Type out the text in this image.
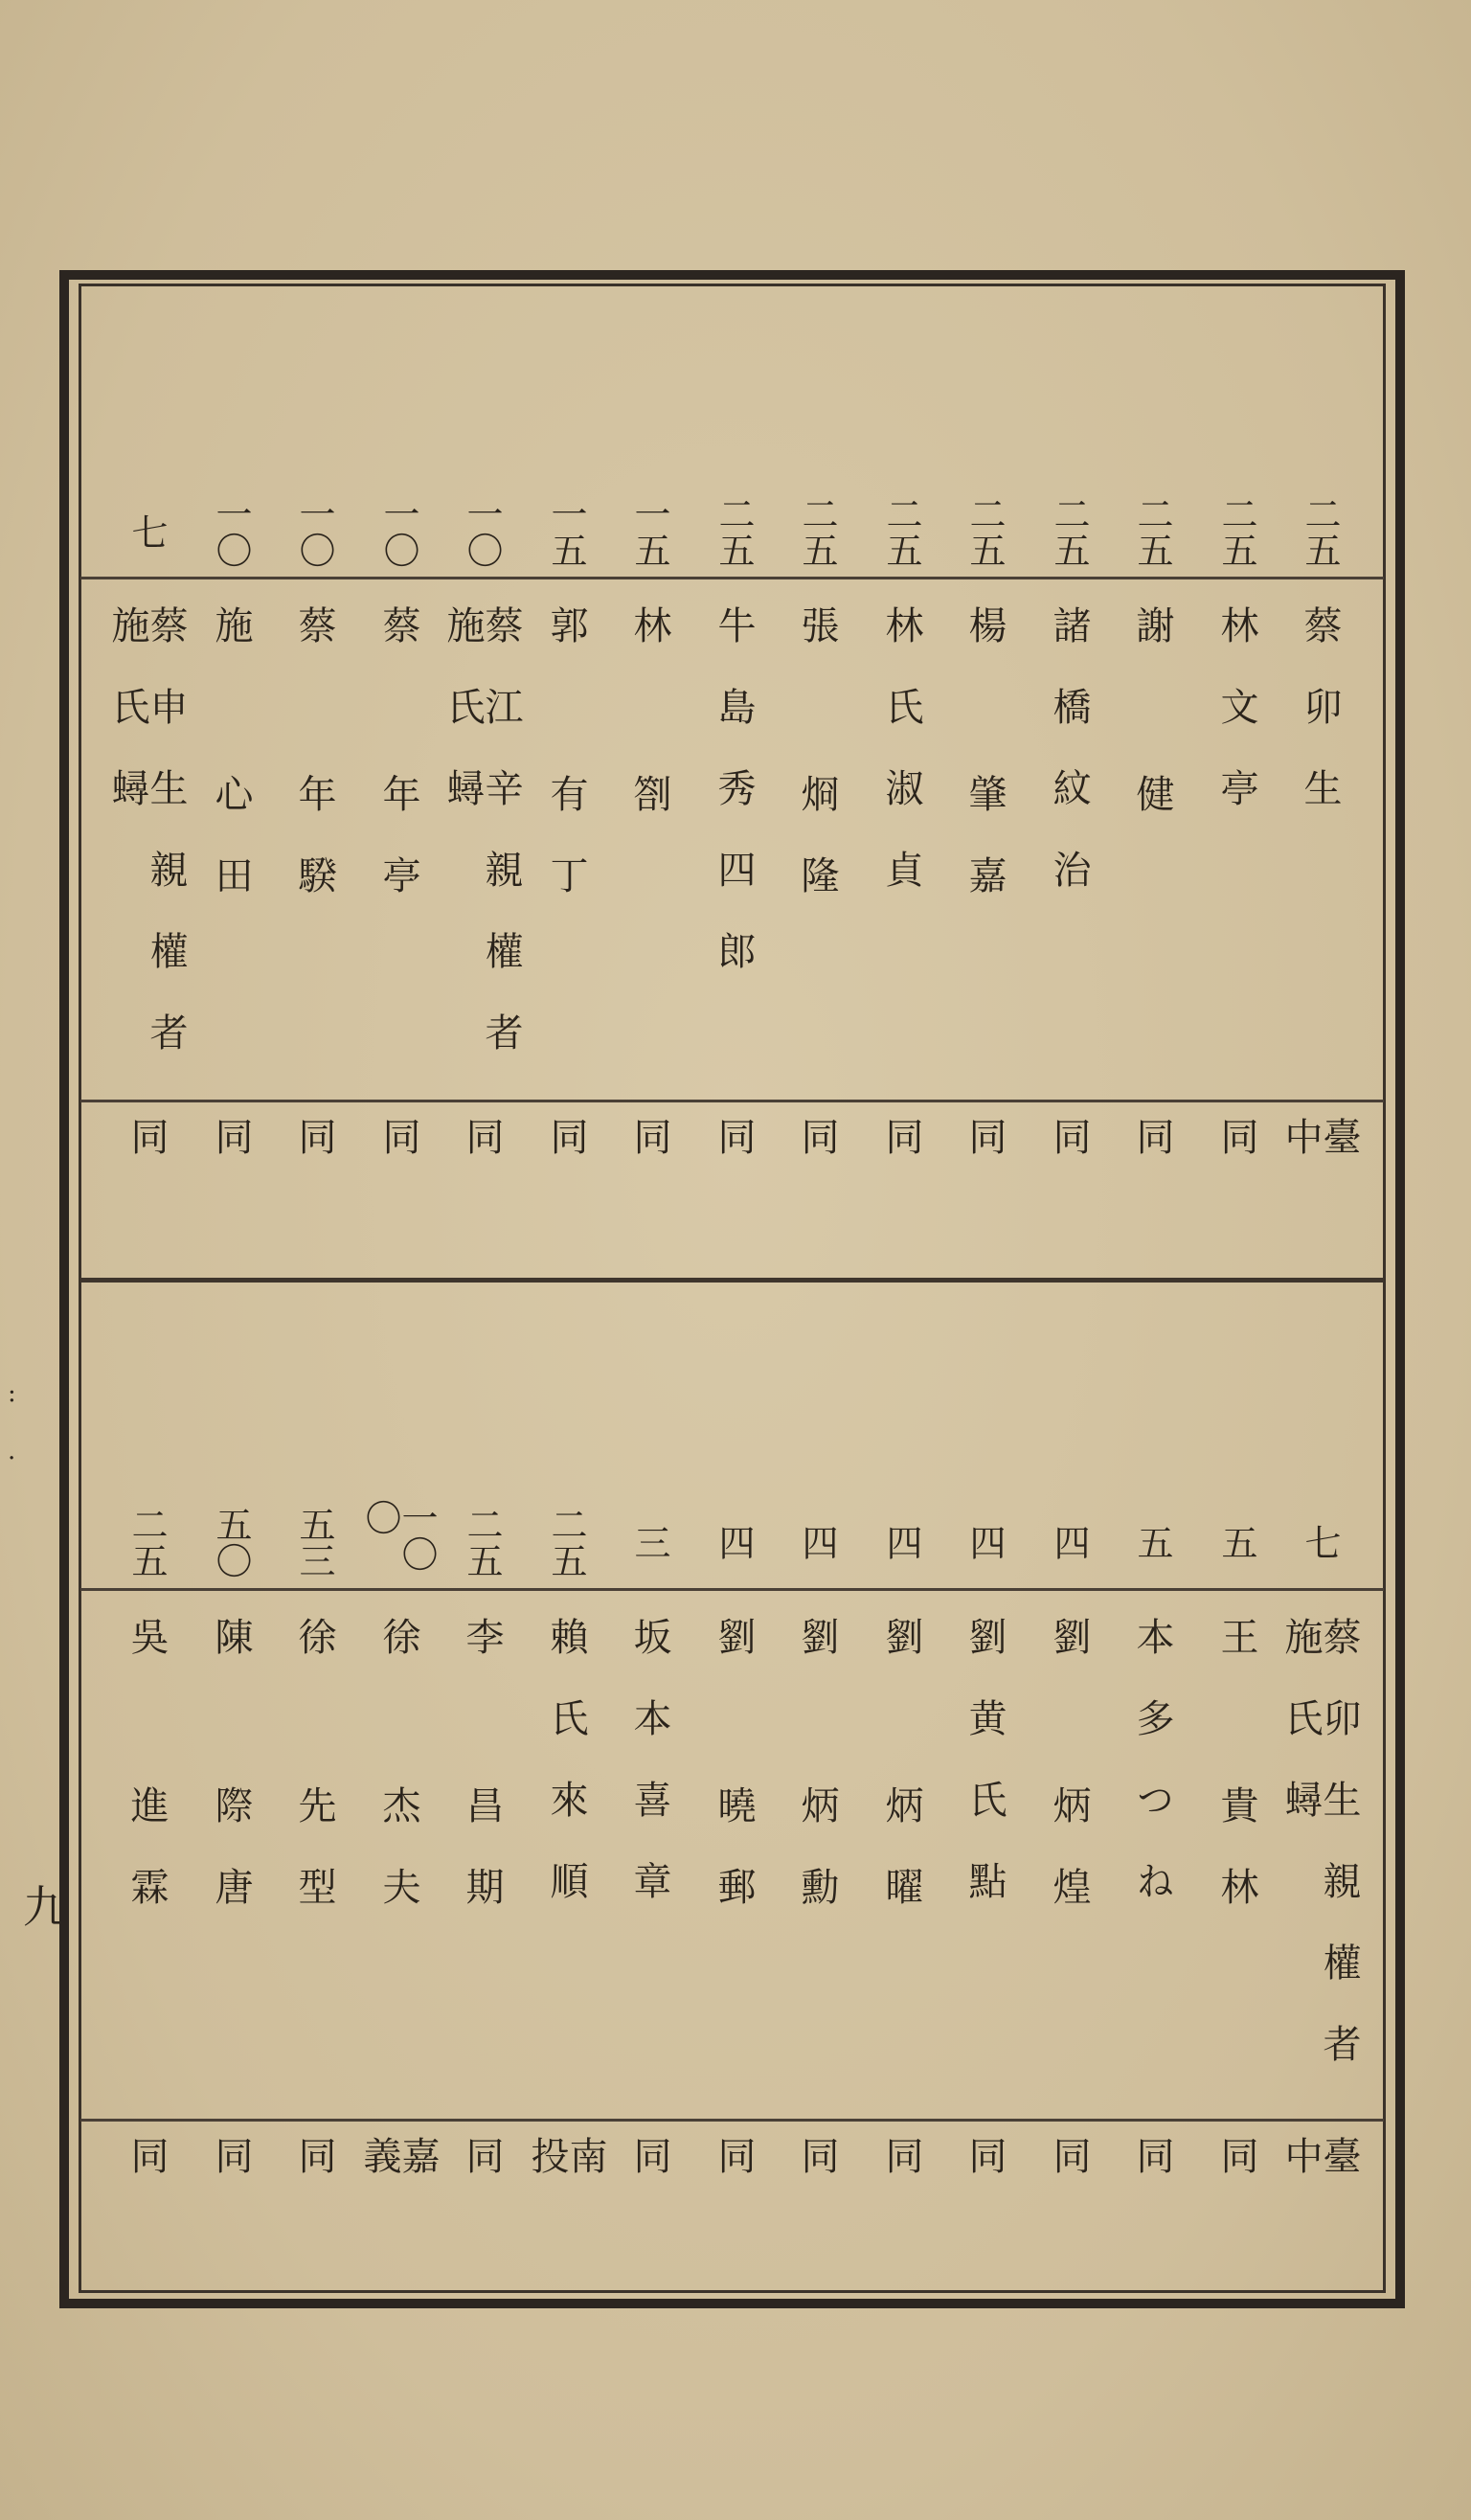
:

.
九
二五
蔡卯生
臺中
二五
林文亭
同
二五
謝 健
同
二五
諸橋紋治
同
二五
楊 肇嘉
同
二五
林氏淑貞
同
二五
張 烱隆
同
二五
牛島秀四郎
同
一五
林 劄
同
一五
郭 有丁
同
一〇
蔡江辛親權者 施氏蟳
同
一〇
蔡 年亭
同
一〇
蔡 年騤
同
一〇
施 心田
同
七
蔡申生親權者 施氏蟳
同
七
蔡卯生親權者 施氏蟳
臺中
五
王 貴林
同
五
本多つね
同
四
劉 炳煌
同
四
劉黄氏點
同
四
劉 炳曜
同
四
劉 炳勳
同
四
劉 曉郵
同
三
坂本喜章
同
二五
賴氏來順
南投
二五
李 昌期
同
一〇〇
徐 杰夫
嘉義
五三
徐 先型
同
五〇
陳 際唐
同
二五
吳 進霖
同
